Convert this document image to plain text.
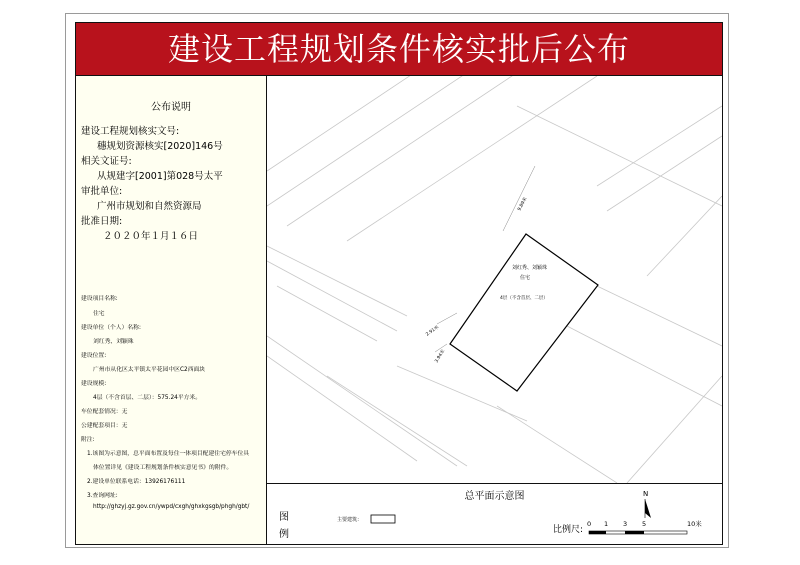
建设工程规划条件核实批后公布
公布说明
建设工程规划核实文号:
穗规划资源核实[2020]146号
相关文证号:
从规建字[2001]第028号太平
审批单位:
广州市规划和自然资源局
批准日期:
２０２０年１月１６日
建设项目名称:
住宅
建设单位（个人）名称:
刘红秀、刘颖珠
建设位置:
广州市从化区太平镇太平花园中区C2西面块
建设规模:
4层（不含首层、二层）：575.24平方米。
车位配套情况：无
公建配套项目：无
附注:
1.该图为示意图，总平面布置及每住一体项目配建住宅停车位具
体位置详见《建设工程规划条件核实意见书》的附件。
2.建设单位联系电话：13926176111
3.查询网址:
http://ghzyj.gz.gov.cn/ywpd/cxgh/ghxkgsgb/phgh/gbt/
刘红秀、刘颖珠
住宅
4层（不含首层、二层）
9.89米
2.91米
3.94米
总平面示意图
图
例
主要建筑：
N
比例尺:
0 1 3 5	10米
